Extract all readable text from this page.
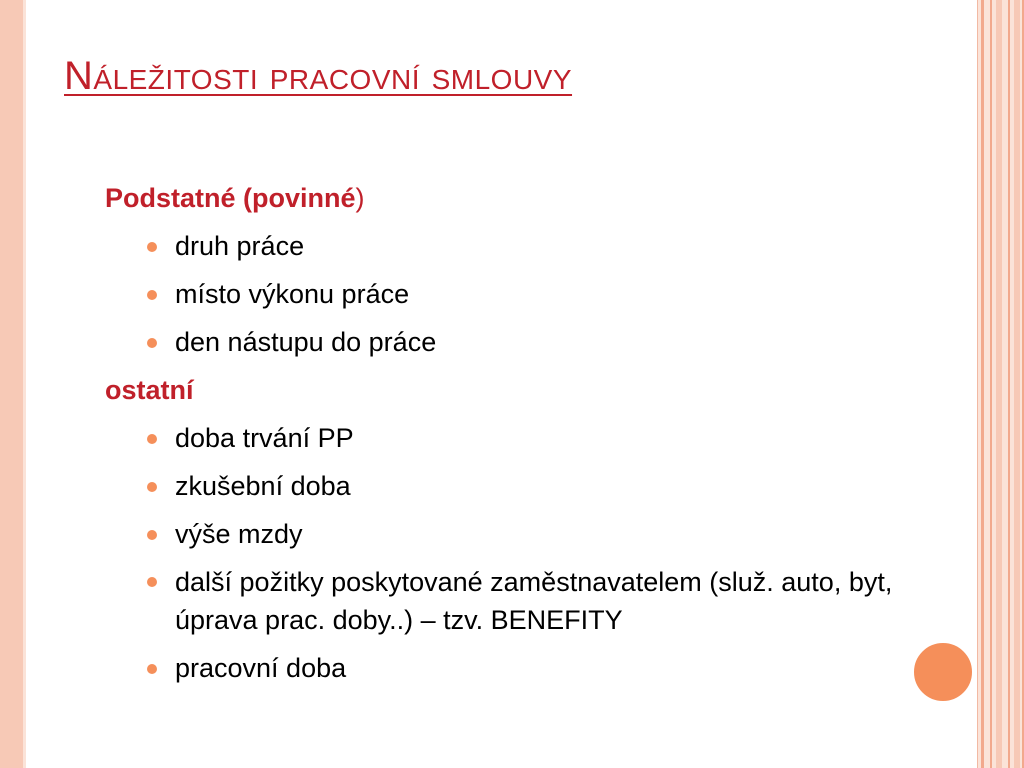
Náležitosti pracovní smlouvy

Podstatné (povinné)

druh práce
místo výkonu práce
den nástupu do práce

ostatní

doba trvání PP
zkušební doba
výše mzdy
další požitky poskytované zaměstnavatelem (služ. auto, byt, úprava prac. doby..) – tzv. BENEFITY
pracovní doba
